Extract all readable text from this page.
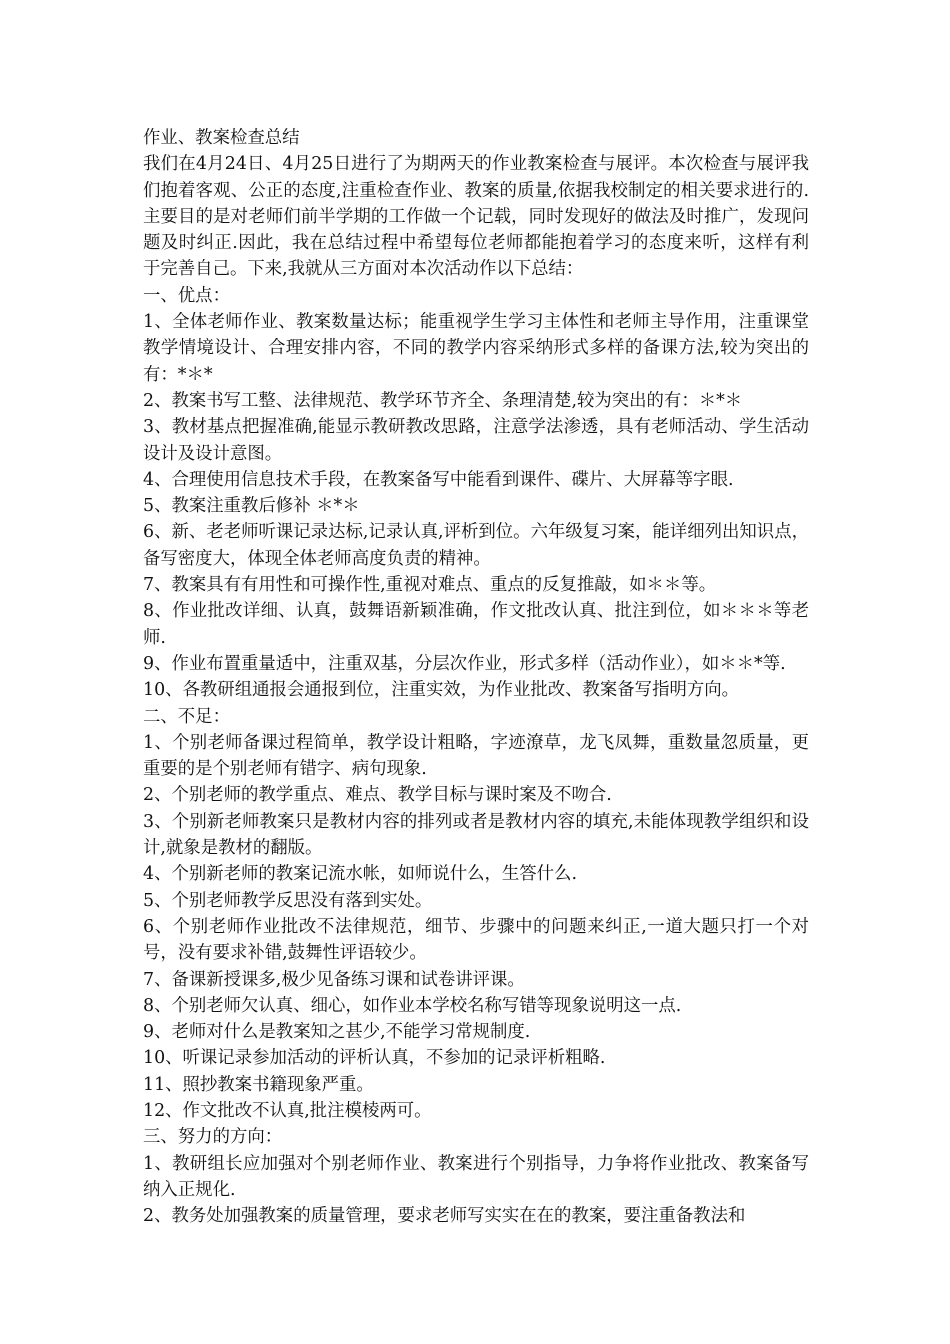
作业、教案检查总结

我们在4月24日、4月25日进行了为期两天的作业教案检查与展评。本次检查与展评我们抱着客观、公正的态度,注重检查作业、教案的质量,依据我校制定的相关要求进行的.主要目的是对老师们前半学期的工作做一个记载，同时发现好的做法及时推广，发现问题及时纠正.因此，我在总结过程中希望每位老师都能抱着学习的态度来听，这样有利于完善自己。下来,我就从三方面对本次活动作以下总结：

一、优点：

1、全体老师作业、教案数量达标；能重视学生学习主体性和老师主导作用，注重课堂教学情境设计、合理安排内容，不同的教学内容采纳形式多样的备课方法,较为突出的有：*＊*

2、教案书写工整、法律规范、教学环节齐全、条理清楚,较为突出的有：＊*＊

3、教材基点把握准确,能显示教研教改思路，注意学法渗透，具有老师活动、学生活动设计及设计意图。

4、合理使用信息技术手段，在教案备写中能看到课件、碟片、大屏幕等字眼.

5、教案注重教后修补 ＊*＊

6、新、老老师听课记录达标,记录认真,评析到位。六年级复习案，能详细列出知识点，备写密度大，体现全体老师高度负责的精神。

7、教案具有有用性和可操作性,重视对难点、重点的反复推敲，如＊＊等。

8、作业批改详细、认真，鼓舞语新颖准确，作文批改认真、批注到位，如＊＊＊等老师.

9、作业布置重量适中，注重双基，分层次作业，形式多样（活动作业），如＊＊*等.

10、各教研组通报会通报到位，注重实效，为作业批改、教案备写指明方向。

二、不足：

1、个别老师备课过程简单，教学设计粗略，字迹潦草，龙飞凤舞，重数量忽质量，更重要的是个别老师有错字、病句现象.

2、个别老师的教学重点、难点、教学目标与课时案及不吻合.

3、个别新老师教案只是教材内容的排列或者是教材内容的填充,未能体现教学组织和设计,就象是教材的翻版。

4、个别新老师的教案记流水帐，如师说什么，生答什么.

5、个别老师教学反思没有落到实处。

6、个别老师作业批改不法律规范，细节、步骤中的问题来纠正,一道大题只打一个对号，没有要求补错,鼓舞性评语较少。

7、备课新授课多,极少见备练习课和试卷讲评课。

8、个别老师欠认真、细心，如作业本学校名称写错等现象说明这一点.

9、老师对什么是教案知之甚少,不能学习常规制度.

10、听课记录参加活动的评析认真，不参加的记录评析粗略.

11、照抄教案书籍现象严重。

12、作文批改不认真,批注模棱两可。

三、努力的方向：

1、教研组长应加强对个别老师作业、教案进行个别指导，力争将作业批改、教案备写纳入正规化.

2、教务处加强教案的质量管理，要求老师写实实在在的教案，要注重备教法和
